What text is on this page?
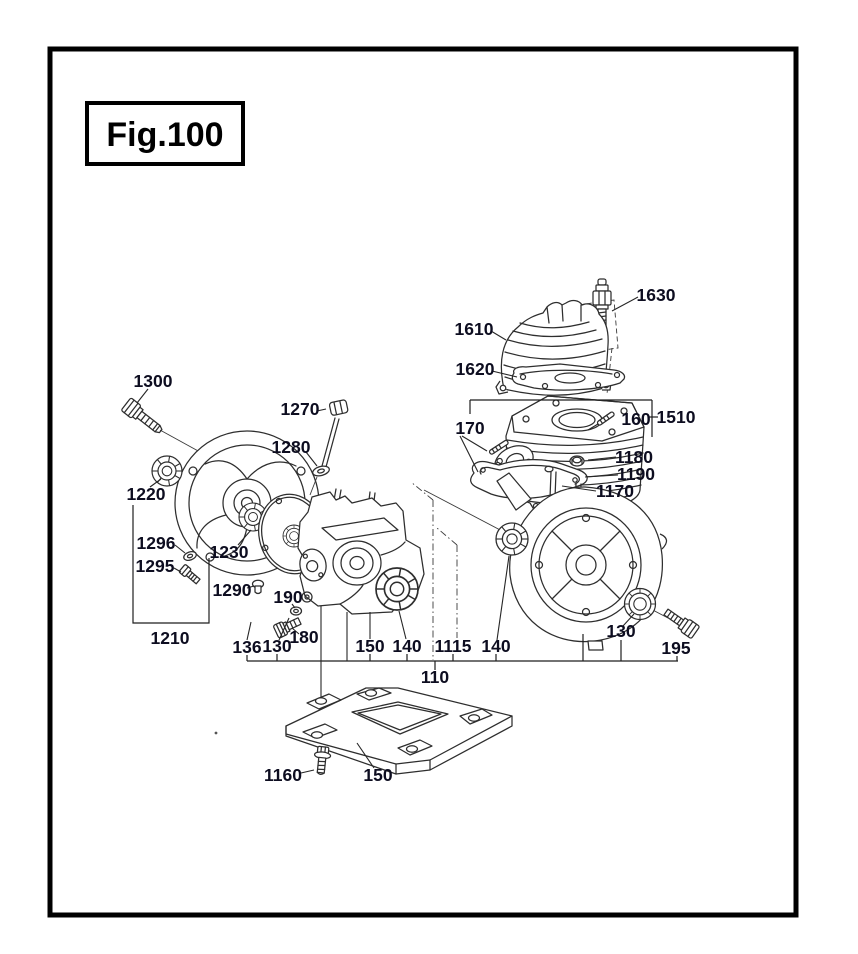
Fig.100
1300
1270
1280
1610
1620
1630
160 1510
170
1180
1190
1170
1220
1296
1295
1230
1290 190
180
1210 136 130	150 140 1115 140
110
130
195
1160	150
